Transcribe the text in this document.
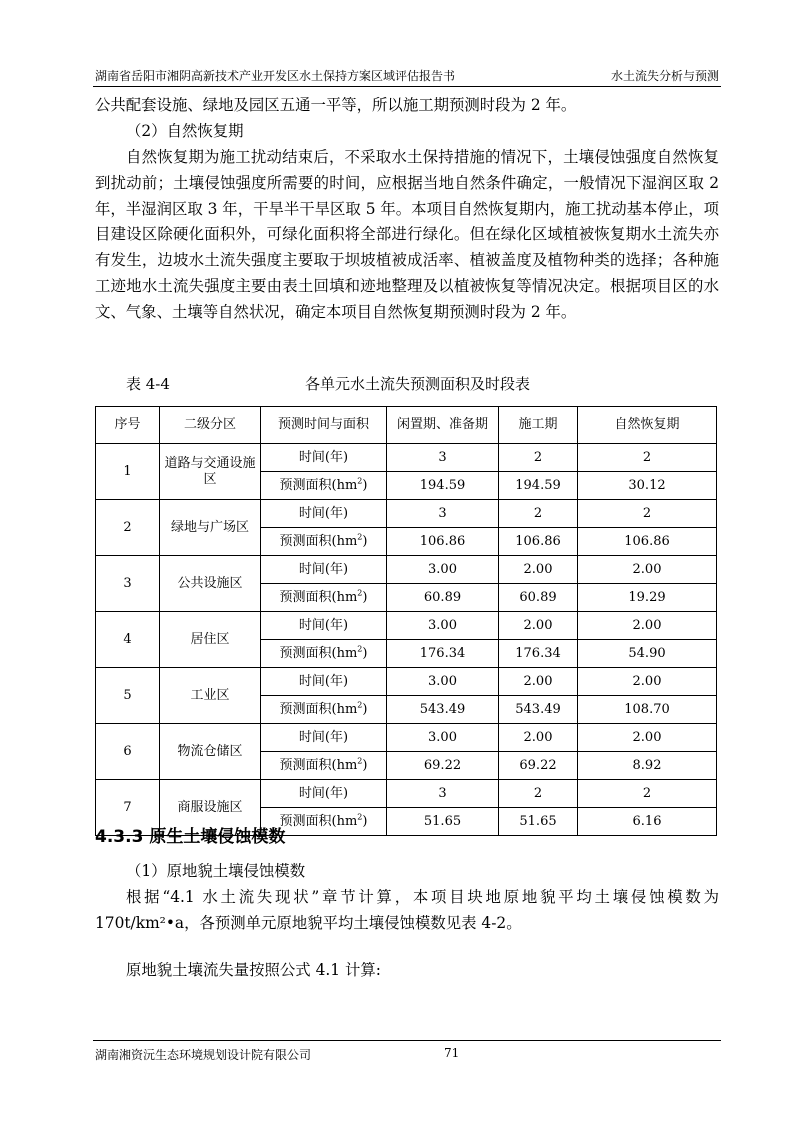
湖南省岳阳市湘阴高新技术产业开发区水土保持方案区域评估报告书	水土流失分析与预测
公共配套设施、绿地及园区五通一平等，所以施工期预测时段为 2 年。
（2）自然恢复期
自然恢复期为施工扰动结束后，不采取水土保持措施的情况下，土壤侵蚀强度自然恢复到扰动前；土壤侵蚀强度所需要的时间，应根据当地自然条件确定，一般情况下湿润区取 2 年，半湿润区取 3 年，干旱半干旱区取 5 年。本项目自然恢复期内，施工扰动基本停止，项目建设区除硬化面积外，可绿化面积将全部进行绿化。但在绿化区域植被恢复期水土流失亦有发生，边坡水土流失强度主要取于坝坡植被成活率、植被盖度及植物种类的选择；各种施工迹地水土流失强度主要由表土回填和迹地整理及以植被恢复等情况决定。根据项目区的水文、气象、土壤等自然状况，确定本项目自然恢复期预测时段为 2 年。
表 4-4	各单元水土流失预测面积及时段表
序号	二级分区	预测时间与面积	闲置期、准备期	施工期	自然恢复期
1	道路与交通设施区	时间(年)	3	2	2
		预测面积$(hm^2)$	194.59	194.59	30.12
2	绿地与广场区	时间(年)	3	2	2
		预测面积$(hm^2)$	106.86	106.86	106.86
3	公共设施区	时间(年)	3.00	2.00	2.00
		预测面积$(hm^2)$	60.89	60.89	19.29
4	居住区	时间(年)	3.00	2.00	2.00
		预测面积$(hm^2)$	176.34	176.34	54.90
5	工业区	时间(年)	3.00	2.00	2.00
		预测面积$(hm^2)$	543.49	543.49	108.70
6	物流仓储区	时间(年)	3.00	2.00	2.00
		预测面积$(hm^2)$	69.22	69.22	8.92
7	商服设施区	时间(年)	3	2	2
		预测面积$(hm^2)$	51.65	51.65	6.16
4.3.3 原生土壤侵蚀模数
（1）原地貌土壤侵蚀模数
根据“4.1 水土流失现状”章节计算，本项目块地原地貌平均土壤侵蚀模数为 170t/km²•a，各预测单元原地貌平均土壤侵蚀模数见表 4-2。
原地貌土壤流失量按照公式 4.1 计算:
湖南湘资沅生态环境规划设计院有限公司	71
